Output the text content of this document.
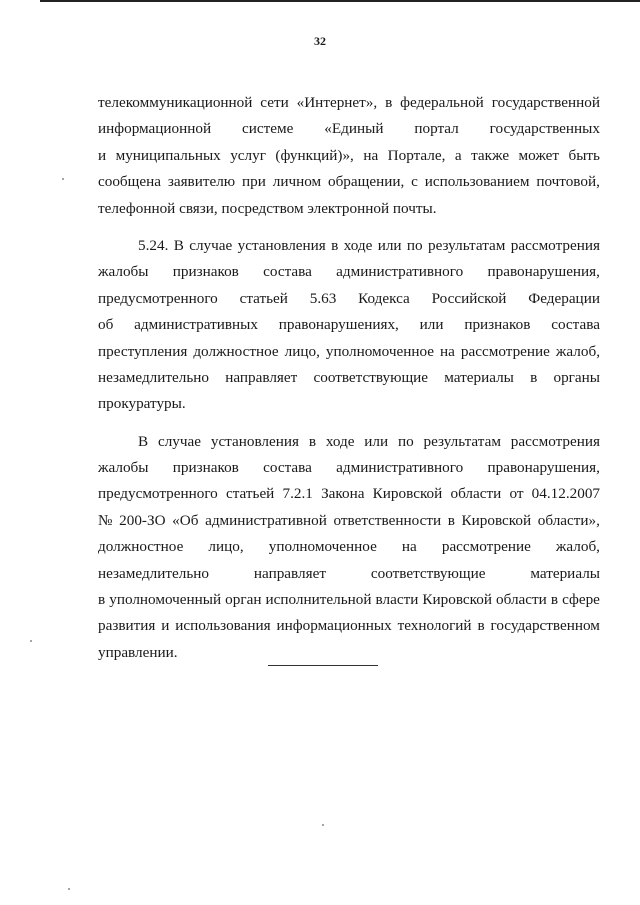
32
телекоммуникационной сети «Интернет», в федеральной государственной
информационной системе «Единый портал государственных
и муниципальных услуг (функций)», на Портале, а также может быть
сообщена заявителю при личном обращении, с использованием почтовой,
телефонной связи, посредством электронной почты.
5.24. В случае установления в ходе или по результатам рассмотрения
жалобы признаков состава административного правонарушения,
предусмотренного статьей 5.63 Кодекса Российской Федерации
об административных правонарушениях, или признаков состава
преступления должностное лицо, уполномоченное на рассмотрение жалоб,
незамедлительно направляет соответствующие материалы в органы
прокуратуры.
В случае установления в ходе или по результатам рассмотрения
жалобы признаков состава административного правонарушения,
предусмотренного статьей 7.2.1 Закона Кировской области от 04.12.2007
№ 200-ЗО «Об административной ответственности в Кировской области»,
должностное лицо, уполномоченное на рассмотрение жалоб,
незамедлительно	направляет	соответствующие	материалы
в уполномоченный орган исполнительной власти Кировской области в сфере
развития и использования информационных технологий в государственном
управлении.
